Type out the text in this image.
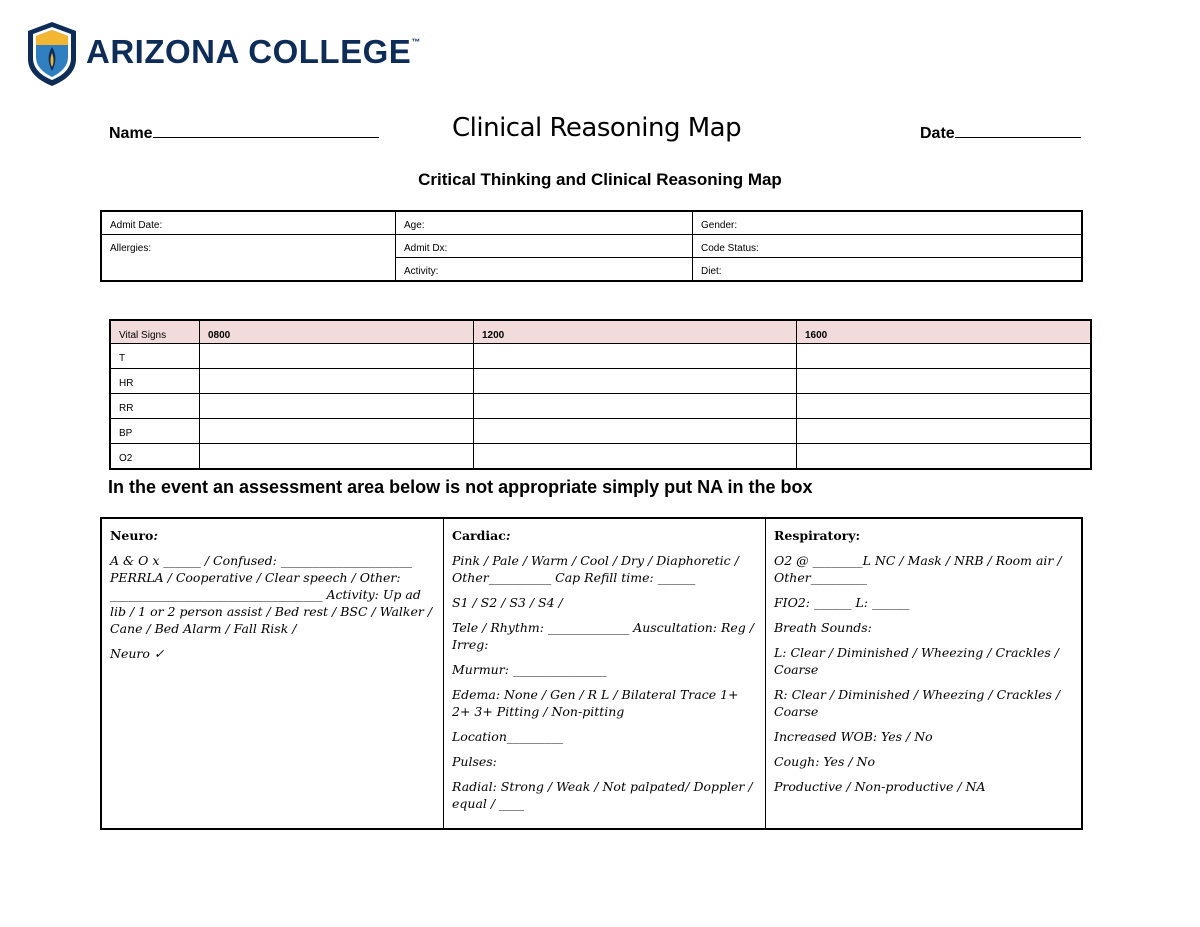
ARIZONA COLLEGE™
Name	Clinical Reasoning Map	Date
Critical Thinking and Clinical Reasoning Map
Admit Date:	Age:	Gender:
Allergies:	Admit Dx:	Code Status:
	Activity:	Diet:
Vital Signs	0800	1200	1600
T			
HR			
RR			
BP			
O2			
In the event an assessment area below is not appropriate simply put NA in the box
Neuro:
A & O x ______ / Confused: _____________________ PERRLA / Cooperative / Clear speech / Other: __________________________________ Activity: Up ad lib / 1 or 2 person assist / Bed rest / BSC / Walker / Cane / Bed Alarm / Fall Risk /
Neuro ✓

Cardiac:
Pink / Pale / Warm / Cool / Dry / Diaphoretic / Other__________ Cap Refill time: ______
S1 / S2 / S3 / S4 /
Tele / Rhythm: _____________ Auscultation: Reg / Irreg:
Murmur: _______________
Edema: None / Gen / R L / Bilateral Trace 1+ 2+ 3+ Pitting / Non-pitting
Location_________
Pulses:
Radial: Strong / Weak / Not palpated/ Doppler / equal / ____

Respiratory:
O2 @ ________L NC / Mask / NRB / Room air / Other_________
FIO2: ______ L: ______
Breath Sounds:
L: Clear / Diminished / Wheezing / Crackles / Coarse
R: Clear / Diminished / Wheezing / Crackles / Coarse
Increased WOB: Yes / No
Cough: Yes / No
Productive / Non-productive / NA
